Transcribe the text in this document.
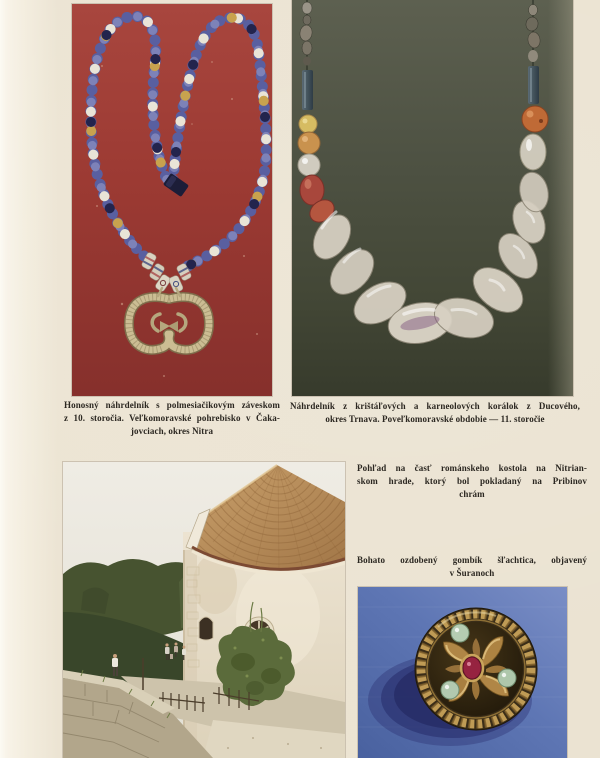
Honosný náhrdelník s polmesiačikovým záveskom
z 10. storočia. Veľkomoravské pohrebisko v Čaka-
jovciach, okres Nitra
Náhrdelník z krištáľových a karneolových korálok z Ducového,
okres Trnava. Poveľkomoravské obdobie — 11. storočie
Pohľad na časť románskeho kostola na Nitrian-
skom hrade, ktorý bol pokladaný na Pribinov
chrám
Bohato ozdobený gombík šľachtica, objavený
v Šuranoch
